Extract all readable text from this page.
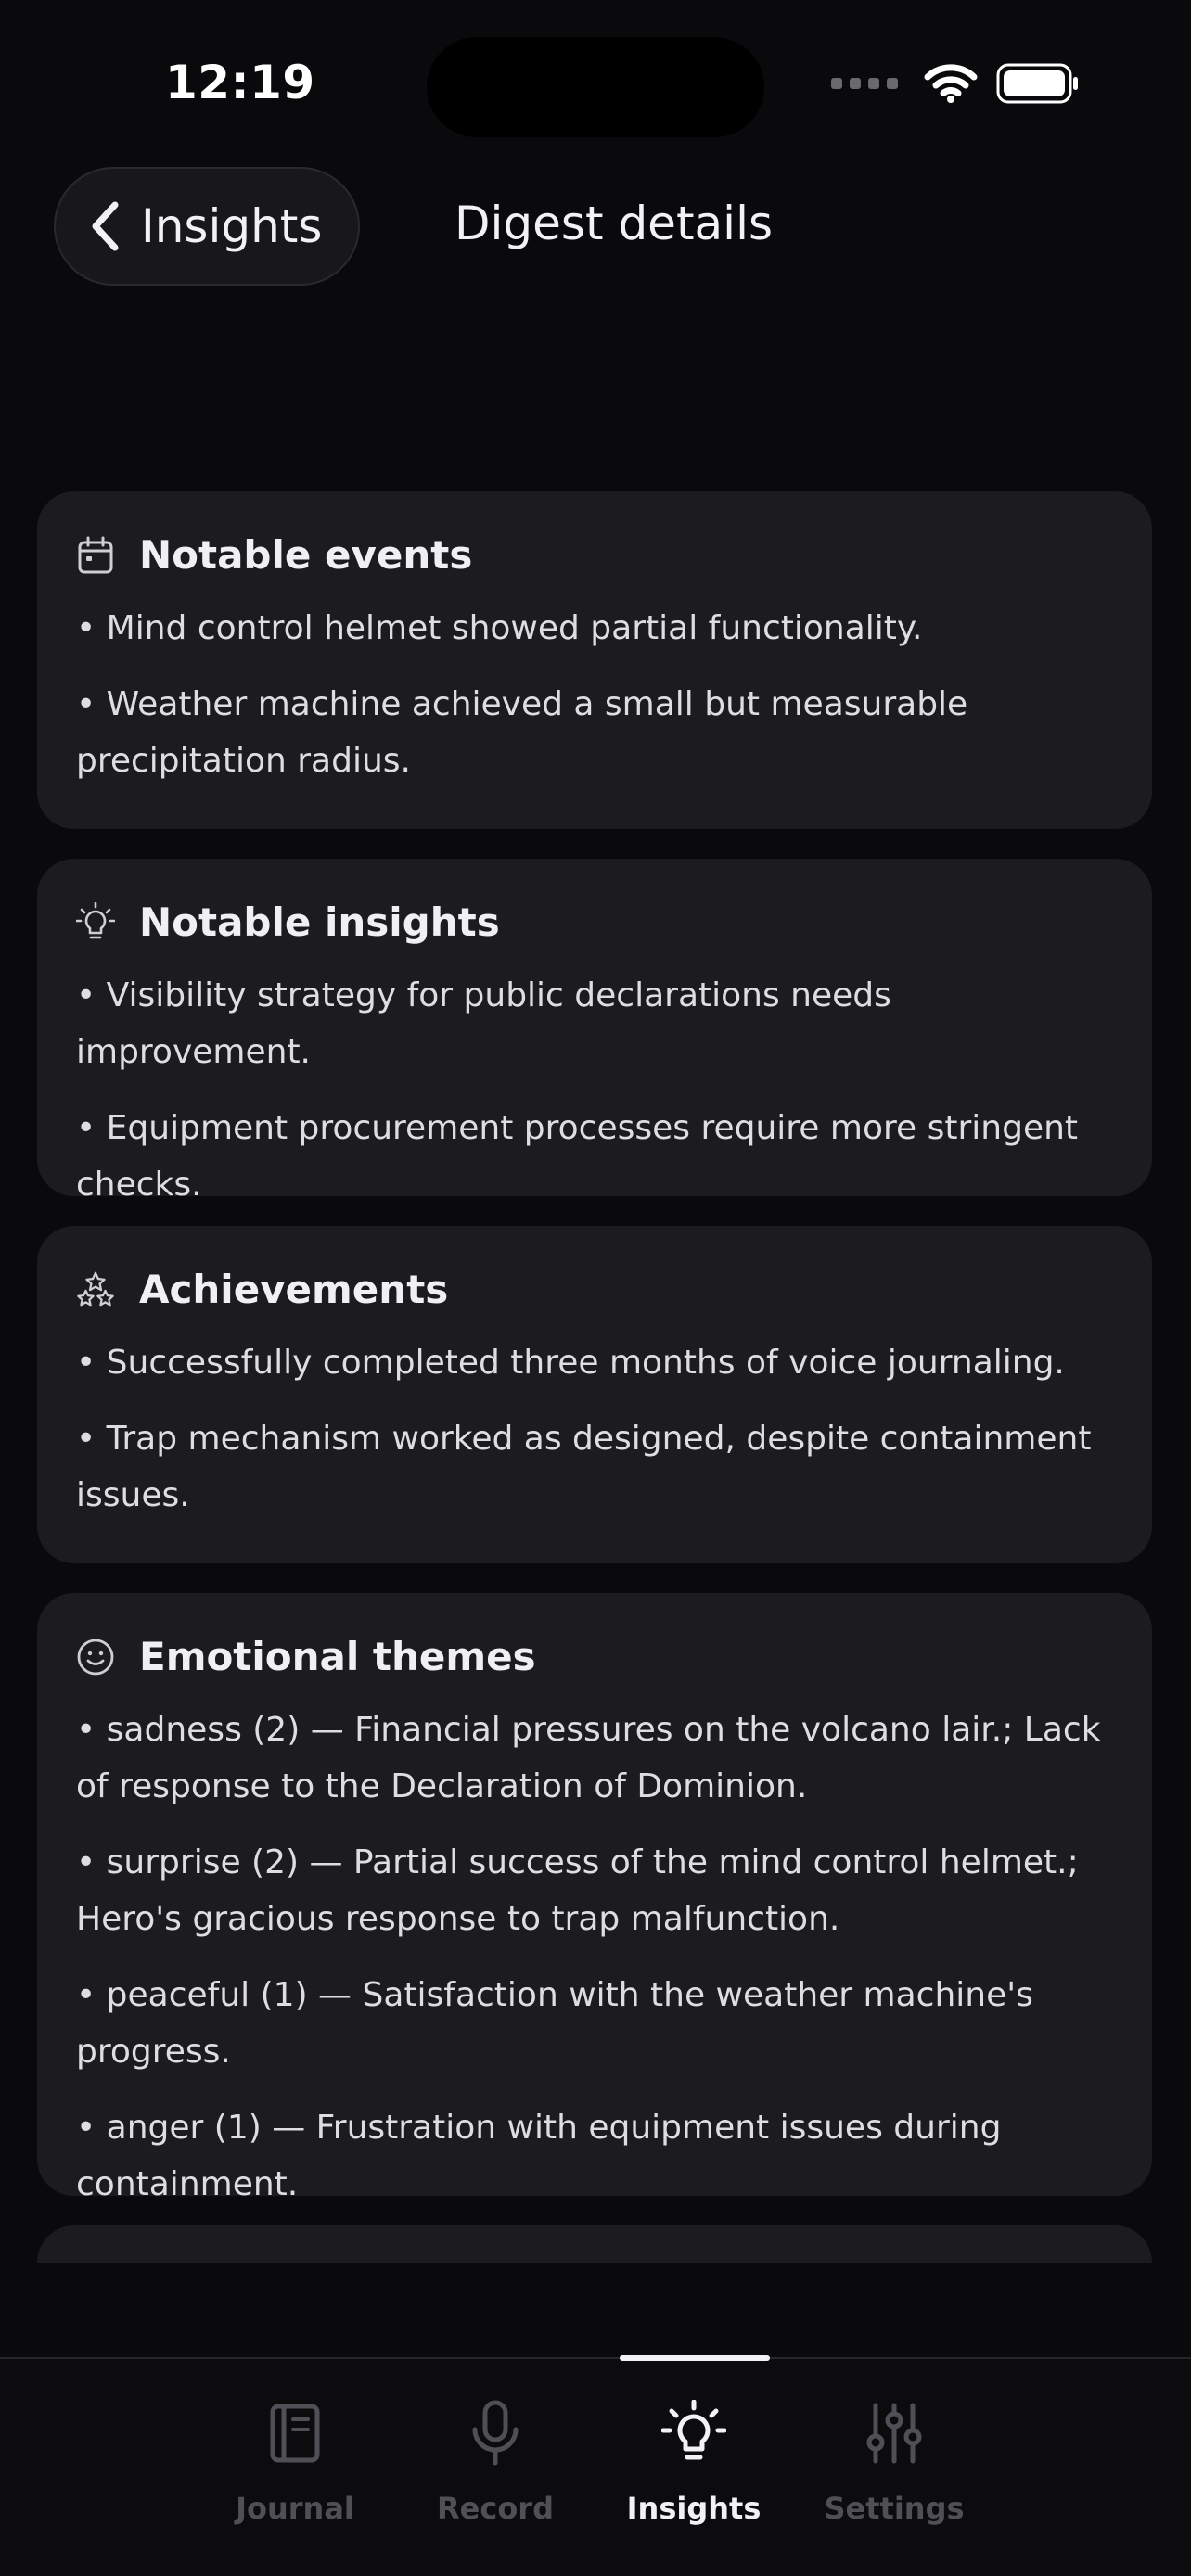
12:19
Insights	Digest details
Notable events
• Mind control helmet showed partial functionality.
• Weather machine achieved a small but measurable precipitation radius.
Notable insights
• Visibility strategy for public declarations needs improvement.
• Equipment procurement processes require more stringent checks.
Achievements
• Successfully completed three months of voice journaling.
• Trap mechanism worked as designed, despite containment issues.
Emotional themes
• sadness (2) — Financial pressures on the volcano lair.; Lack of response to the Declaration of Dominion.
• surprise (2) — Partial success of the mind control helmet.; Hero's gracious response to trap malfunction.
• peaceful (1) — Satisfaction with the weather machine's progress.
• anger (1) — Frustration with equipment issues during containment.
Journal	Record Insights Settings
